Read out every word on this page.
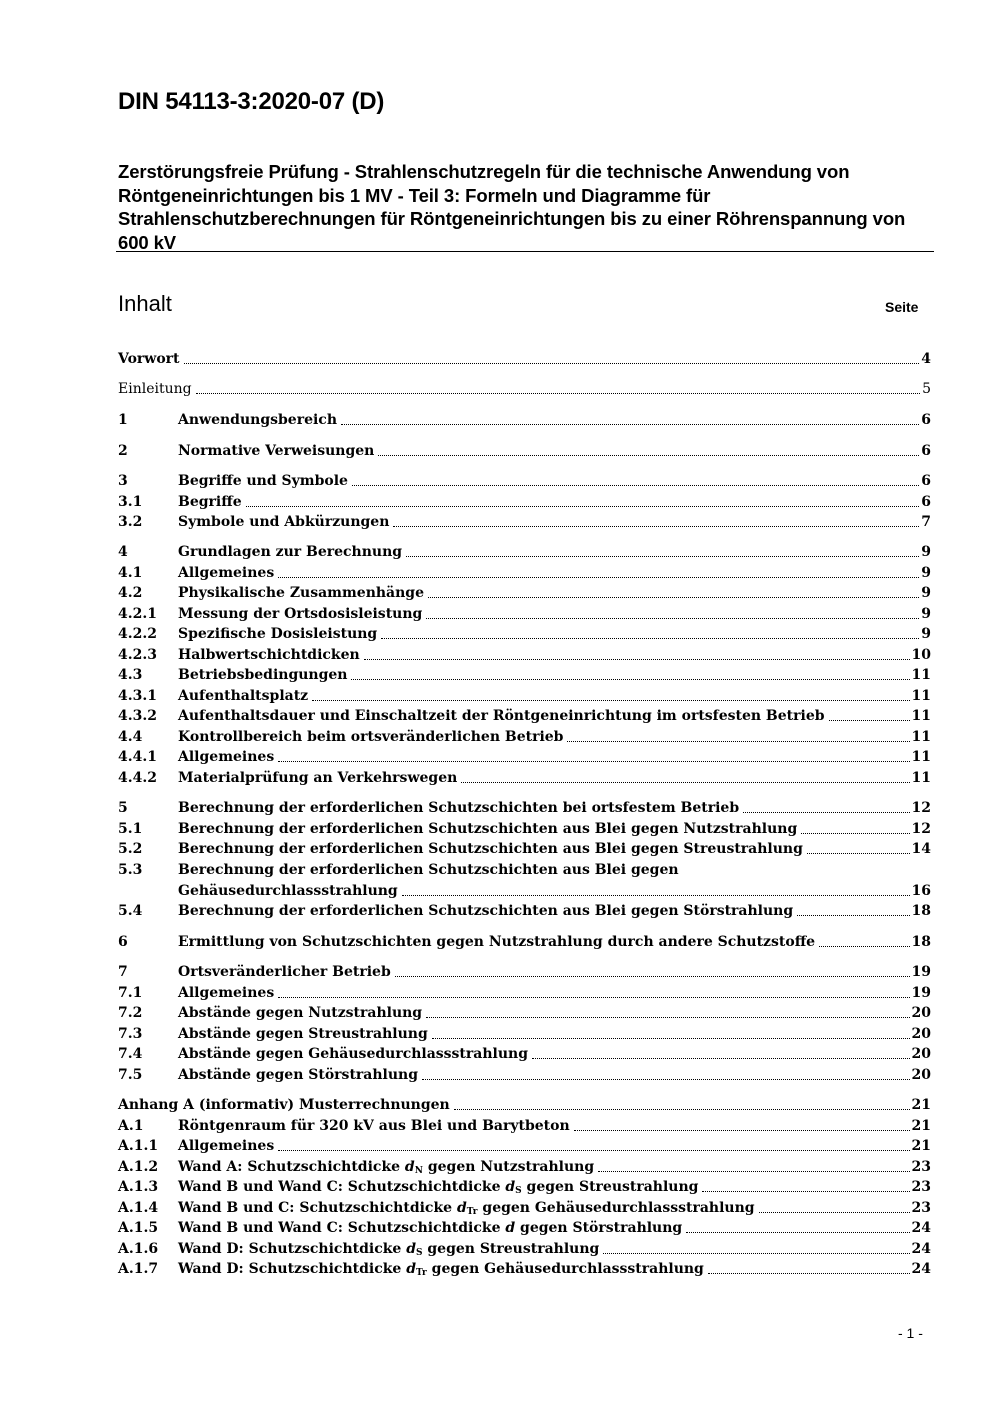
DIN 54113-3:2020-07 (D)
Zerstörungsfreie Prüfung - Strahlenschutzregeln für die technische Anwendung von Röntgeneinrichtungen bis 1 MV - Teil 3: Formeln und Diagramme für Strahlenschutzberechnungen für Röntgeneinrichtungen bis zu einer Röhrenspannung von 600 kV
Inhalt	Seite
Vorwort	4
Einleitung	5
1	Anwendungsbereich	6
2	Normative Verweisungen	6
3	Begriffe und Symbole	6
3.1	Begriffe	6
3.2	Symbole und Abkürzungen	7
4	Grundlagen zur Berechnung	9
4.1	Allgemeines	9
4.2	Physikalische Zusammenhänge	9
4.2.1	Messung der Ortsdosisleistung	9
4.2.2	Spezifische Dosisleistung	9
4.2.3	Halbwertschichtdicken	10
4.3	Betriebsbedingungen	11
4.3.1	Aufenthaltsplatz	11
4.3.2	Aufenthaltsdauer und Einschaltzeit der Röntgeneinrichtung im ortsfesten Betrieb	11
4.4	Kontrollbereich beim ortsveränderlichen Betrieb	11
4.4.1	Allgemeines	11
4.4.2	Materialprüfung an Verkehrswegen	11
5	Berechnung der erforderlichen Schutzschichten bei ortsfestem Betrieb	12
5.1	Berechnung der erforderlichen Schutzschichten aus Blei gegen Nutzstrahlung	12
5.2	Berechnung der erforderlichen Schutzschichten aus Blei gegen Streustrahlung	14
5.3	Berechnung der erforderlichen Schutzschichten aus Blei gegen
Gehäusedurchlassstrahlung	16
5.4	Berechnung der erforderlichen Schutzschichten aus Blei gegen Störstrahlung	18
6	Ermittlung von Schutzschichten gegen Nutzstrahlung durch andere Schutzstoffe	18
7	Ortsveränderlicher Betrieb	19
7.1	Allgemeines	19
7.2	Abstände gegen Nutzstrahlung	20
7.3	Abstände gegen Streustrahlung	20
7.4	Abstände gegen Gehäusedurchlassstrahlung	20
7.5	Abstände gegen Störstrahlung	20
Anhang A (informativ) Musterrechnungen	21
A.1	Röntgenraum für 320 kV aus Blei und Barytbeton	21
A.1.1	Allgemeines	21
A.1.2	Wand A: Schutzschichtdicke $d_N$ gegen Nutzstrahlung	23
A.1.3	Wand B und Wand C: Schutzschichtdicke $d_S$ gegen Streustrahlung	23
A.1.4	Wand B und C: Schutzschichtdicke $d_{Tr}$ gegen Gehäusedurchlassstrahlung	23
A.1.5	Wand B und Wand C: Schutzschichtdicke d gegen Störstrahlung	24
A.1.6	Wand D: Schutzschichtdicke $d_S$ gegen Streustrahlung	24
A.1.7	Wand D: Schutzschichtdicke $d_{Tr}$ gegen Gehäusedurchlassstrahlung	24
- 1 -
